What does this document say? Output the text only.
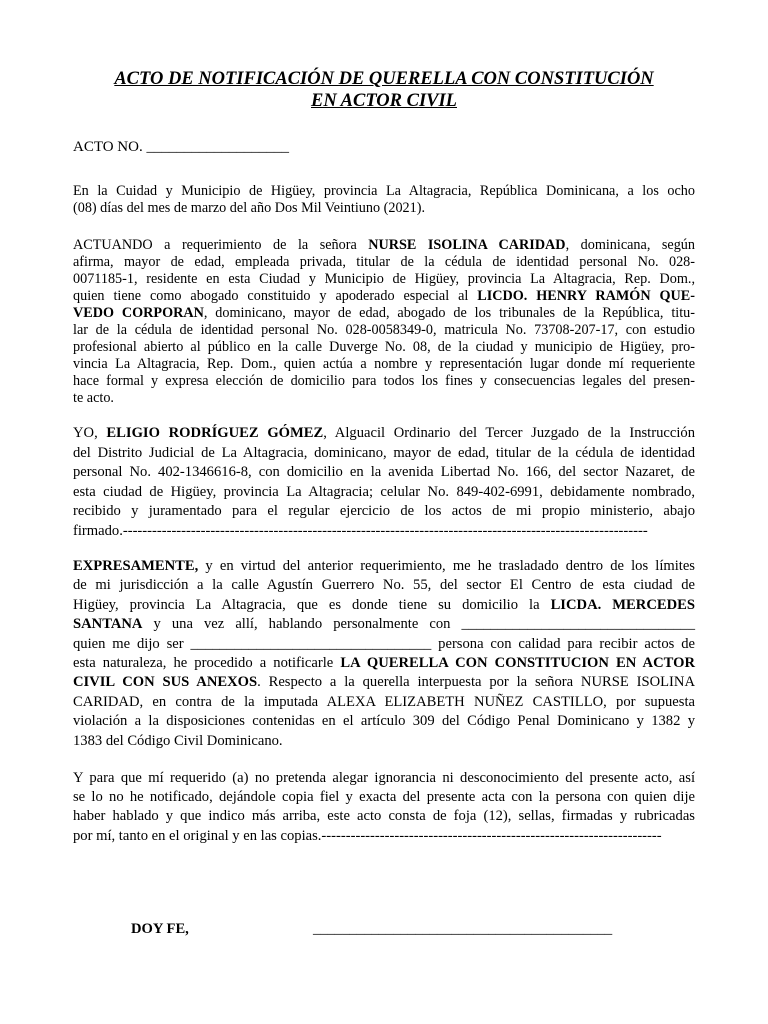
ACTO DE NOTIFICACIÓN DE QUERELLA CON CONSTITUCIÓN
EN ACTOR CIVIL
ACTO NO. ___________________
En la Cuidad y Municipio de Higüey, provincia La Altagracia, República Dominicana, a los ocho
(08) días del mes de marzo del año Dos Mil Veintiuno (2021).
ACTUANDO a requerimiento de la señora NURSE ISOLINA CARIDAD, dominicana, según
afirma, mayor de edad, empleada privada, titular de la cédula de identidad personal No. 028-
0071185-1, residente en esta Ciudad y Municipio de Higüey, provincia La Altagracia, Rep. Dom.,
quien tiene como abogado constituido y apoderado especial al LICDO. HENRY RAMÓN QUE-
VEDO CORPORAN, dominicano, mayor de edad, abogado de los tribunales de la República, titu-
lar de la cédula de identidad personal No. 028-0058349-0, matricula No. 73708-207-17, con estudio
profesional abierto al público en la calle Duverge No. 08, de la ciudad y municipio de Higüey, pro-
vincia La Altagracia, Rep. Dom., quien actúa a nombre y representación lugar donde mí requeriente
hace formal y expresa elección de domicilio para todos los fines y consecuencias legales del presen-
te acto.
YO, ELIGIO RODRÍGUEZ GÓMEZ, Alguacil Ordinario del Tercer Juzgado de la Instrucción
del Distrito Judicial de La Altagracia, dominicano, mayor de edad, titular de la cédula de identidad
personal No. 402-1346616-8, con domicilio en la avenida Libertad No. 166, del sector Nazaret, de
esta ciudad de Higüey, provincia La Altagracia; celular No. 849-402-6991, debidamente nombrado,
recibido y juramentado para el regular ejercicio de los actos de mi propio ministerio, abajo
firmado.------------------------------------------------------------------------------------------------------------
EXPRESAMENTE, y en virtud del anterior requerimiento, me he trasladado dentro de los límites
de mi jurisdicción a la calle Agustín Guerrero No. 55, del sector El Centro de esta ciudad de
Higüey, provincia La Altagracia, que es donde tiene su domicilio la LICDA. MERCEDES
SANTANA y una vez allí, hablando personalmente con ________________________________
quien me dijo ser _________________________________ persona con calidad para recibir actos de
esta naturaleza, he procedido a notificarle LA QUERELLA CON CONSTITUCION EN ACTOR
CIVIL CON SUS ANEXOS. Respecto a la querella interpuesta por la señora NURSE ISOLINA
CARIDAD, en contra de la imputada ALEXA ELIZABETH NUÑEZ CASTILLO, por supuesta
violación a la disposiciones contenidas en el artículo 309 del Código Penal Dominicano y 1382 y
1383 del Código Civil Dominicano.
Y para que mí requerido (a) no pretenda alegar ignorancia ni desconocimiento del presente acto, así
se lo no he notificado, dejándole copia fiel y exacta del presente acta con la persona con quien dije
haber hablado y que indico más arriba, este acto consta de foja (12), sellas, firmadas y rubricadas
por mí, tanto en el original y en las copias.----------------------------------------------------------------------
DOY FE,	_________________________________________
